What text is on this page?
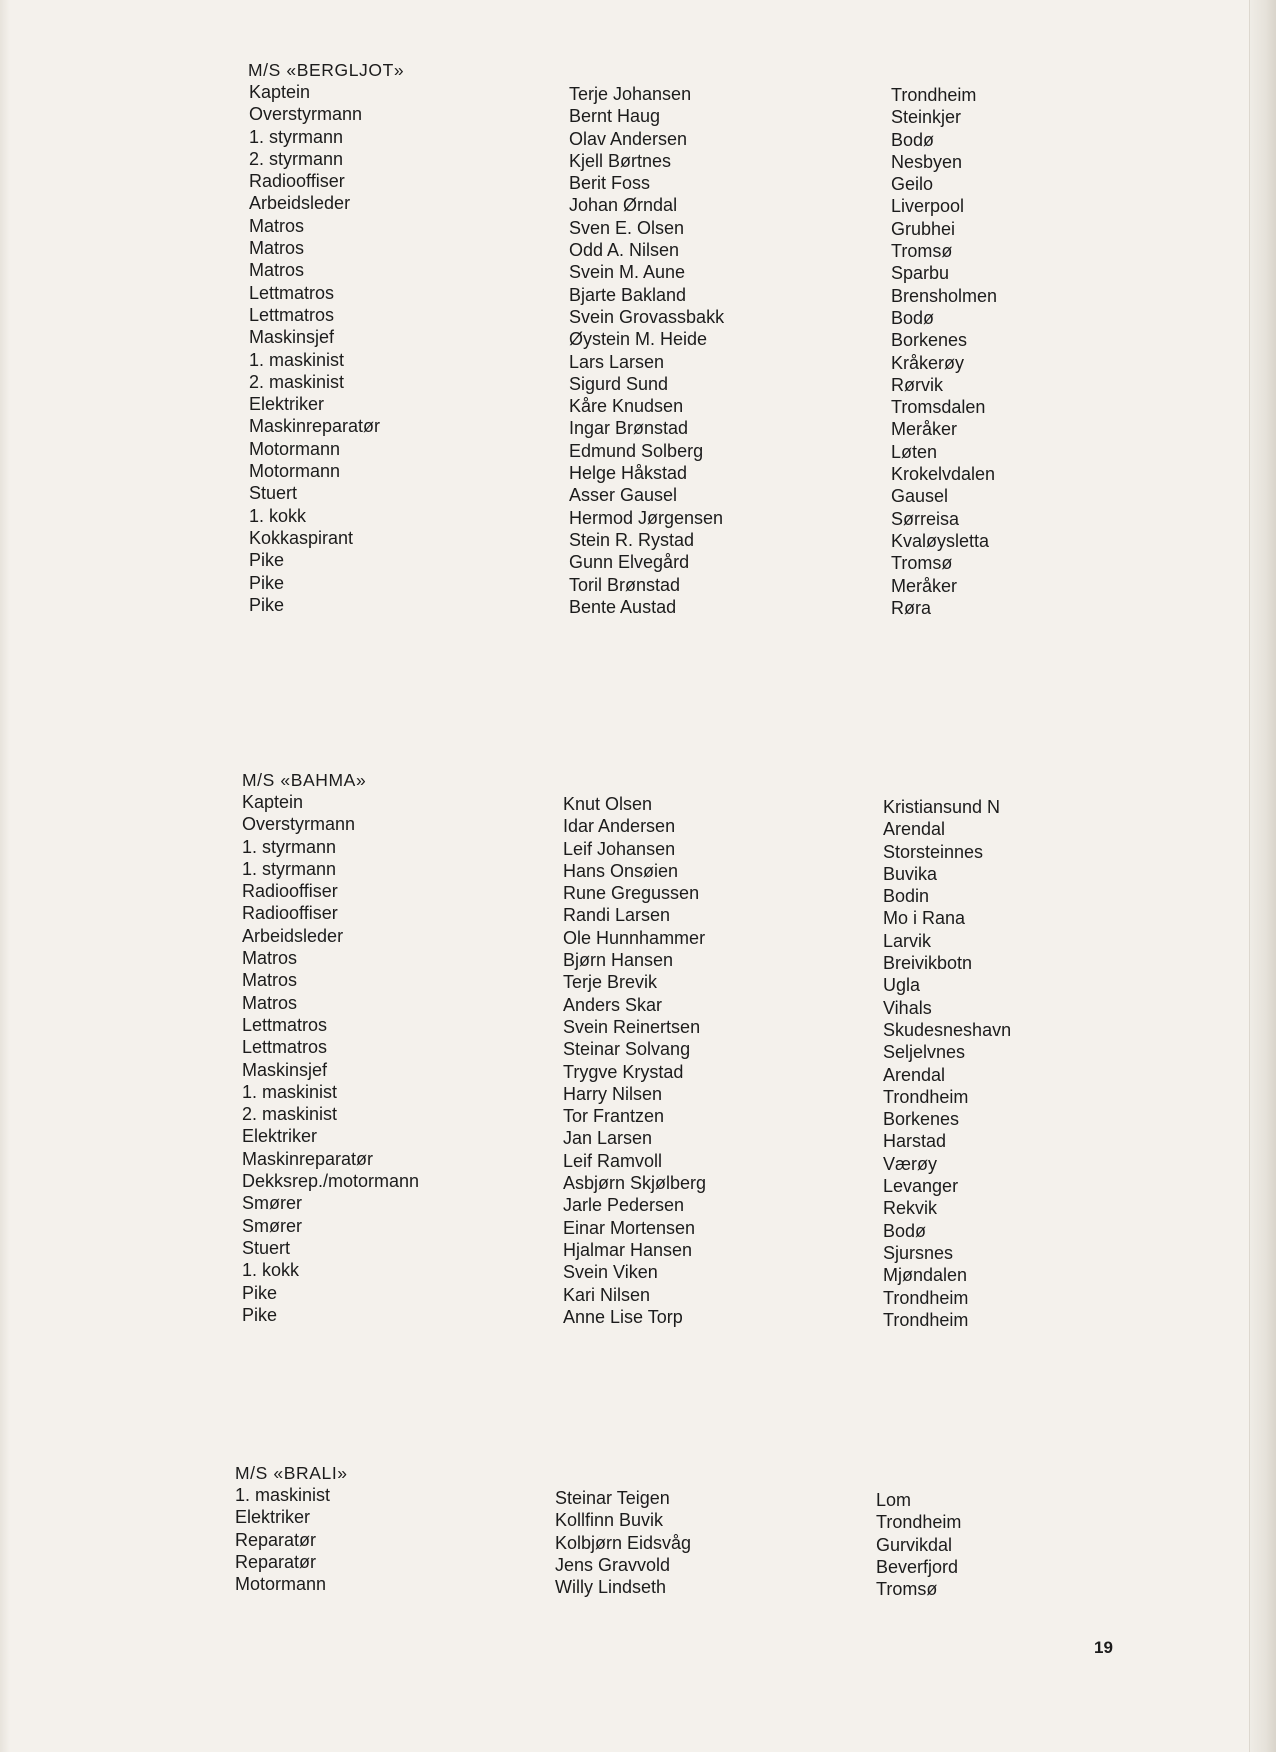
M/S «BERGLJOT»
Kaptein
Overstyrmann
1. styrmann
2. styrmann
Radiooffiser
Arbeidsleder
Matros
Matros
Matros
Lettmatros
Lettmatros
Maskinsjef
1. maskinist
2. maskinist
Elektriker
Maskinreparatør
Motormann
Motormann
Stuert
1. kokk
Kokkaspirant
Pike
Pike
Pike
Terje Johansen
Bernt Haug
Olav Andersen
Kjell Børtnes
Berit Foss
Johan Ørndal
Sven E. Olsen
Odd A. Nilsen
Svein M. Aune
Bjarte Bakland
Svein Grovassbakk
Øystein M. Heide
Lars Larsen
Sigurd Sund
Kåre Knudsen
Ingar Brønstad
Edmund Solberg
Helge Håkstad
Asser Gausel
Hermod Jørgensen
Stein R. Rystad
Gunn Elvegård
Toril Brønstad
Bente Austad
Trondheim
Steinkjer
Bodø
Nesbyen
Geilo
Liverpool
Grubhei
Tromsø
Sparbu
Brensholmen
Bodø
Borkenes
Kråkerøy
Rørvik
Tromsdalen
Meråker
Løten
Krokelvdalen
Gausel
Sørreisa
Kvaløysletta
Tromsø
Meråker
Røra
M/S «BAHMA»
Kaptein
Overstyrmann
1. styrmann
1. styrmann
Radiooffiser
Radiooffiser
Arbeidsleder
Matros
Matros
Matros
Lettmatros
Lettmatros
Maskinsjef
1. maskinist
2. maskinist
Elektriker
Maskinreparatør
Dekksrep./motormann
Smører
Smører
Stuert
1. kokk
Pike
Pike
Knut Olsen
Idar Andersen
Leif Johansen
Hans Onsøien
Rune Gregussen
Randi Larsen
Ole Hunnhammer
Bjørn Hansen
Terje Brevik
Anders Skar
Svein Reinertsen
Steinar Solvang
Trygve Krystad
Harry Nilsen
Tor Frantzen
Jan Larsen
Leif Ramvoll
Asbjørn Skjølberg
Jarle Pedersen
Einar Mortensen
Hjalmar Hansen
Svein Viken
Kari Nilsen
Anne Lise Torp
Kristiansund N
Arendal
Storsteinnes
Buvika
Bodin
Mo i Rana
Larvik
Breivikbotn
Ugla
Vihals
Skudesneshavn
Seljelvnes
Arendal
Trondheim
Borkenes
Harstad
Værøy
Levanger
Rekvik
Bodø
Sjursnes
Mjøndalen
Trondheim
Trondheim
M/S «BRALI»
1. maskinist
Elektriker
Reparatør
Reparatør
Motormann
Steinar Teigen
Kollfinn Buvik
Kolbjørn Eidsvåg
Jens Gravvold
Willy Lindseth
Lom
Trondheim
Gurvikdal
Beverfjord
Tromsø
19
